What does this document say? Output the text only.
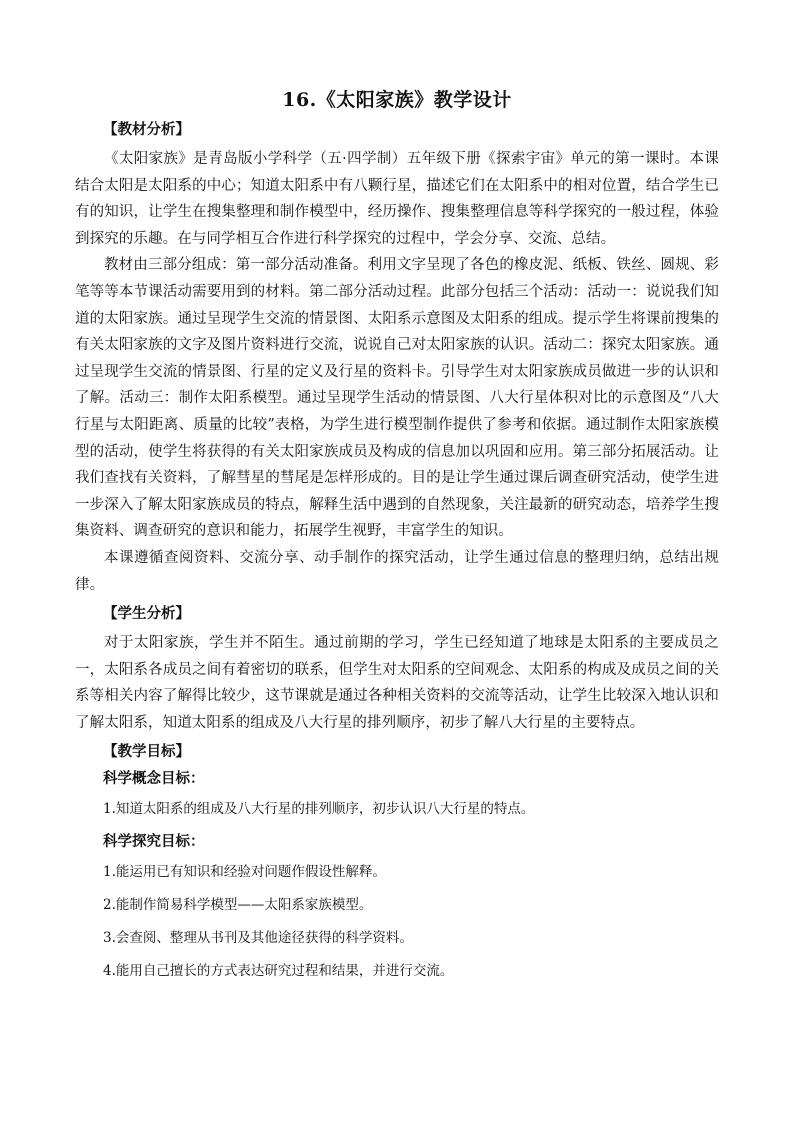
16.《太阳家族》教学设计
【教材分析】

《太阳家族》是青岛版小学科学（五·四学制）五年级下册《探索宇宙》单元的第一课时。本课结合太阳是太阳系的中心；知道太阳系中有八颗行星，描述它们在太阳系中的相对位置，结合学生已有的知识，让学生在搜集整理和制作模型中，经历操作、搜集整理信息等科学探究的一般过程，体验到探究的乐趣。在与同学相互合作进行科学探究的过程中，学会分享、交流、总结。

教材由三部分组成：第一部分活动准备。利用文字呈现了各色的橡皮泥、纸板、铁丝、圆规、彩笔等等本节课活动需要用到的材料。第二部分活动过程。此部分包括三个活动：活动一：说说我们知道的太阳家族。通过呈现学生交流的情景图、太阳系示意图及太阳系的组成。提示学生将课前搜集的有关太阳家族的文字及图片资料进行交流，说说自己对太阳家族的认识。活动二：探究太阳家族。通过呈现学生交流的情景图、行星的定义及行星的资料卡。引导学生对太阳家族成员做进一步的认识和了解。活动三：制作太阳系模型。通过呈现学生活动的情景图、八大行星体积对比的示意图及“八大行星与太阳距离、质量的比较”表格，为学生进行模型制作提供了参考和依据。通过制作太阳家族模型的活动，使学生将获得的有关太阳家族成员及构成的信息加以巩固和应用。第三部分拓展活动。让我们查找有关资料，了解彗星的彗尾是怎样形成的。目的是让学生通过课后调查研究活动，使学生进一步深入了解太阳家族成员的特点，解释生活中遇到的自然现象，关注最新的研究动态，培养学生搜集资料、调查研究的意识和能力，拓展学生视野，丰富学生的知识。

本课遵循查阅资料、交流分享、动手制作的探究活动，让学生通过信息的整理归纳，总结出规律。

【学生分析】

对于太阳家族，学生并不陌生。通过前期的学习，学生已经知道了地球是太阳系的主要成员之一，太阳系各成员之间有着密切的联系，但学生对太阳系的空间观念、太阳系的构成及成员之间的关系等相关内容了解得比较少，这节课就是通过各种相关资料的交流等活动，让学生比较深入地认识和了解太阳系，知道太阳系的组成及八大行星的排列顺序，初步了解八大行星的主要特点。

【教学目标】
科学概念目标：
1.知道太阳系的组成及八大行星的排列顺序，初步认识八大行星的特点。
科学探究目标：
1.能运用已有知识和经验对问题作假设性解释。
2.能制作简易科学模型——太阳系家族模型。
3.会查阅、整理从书刊及其他途径获得的科学资料。
4.能用自己擅长的方式表达研究过程和结果，并进行交流。
